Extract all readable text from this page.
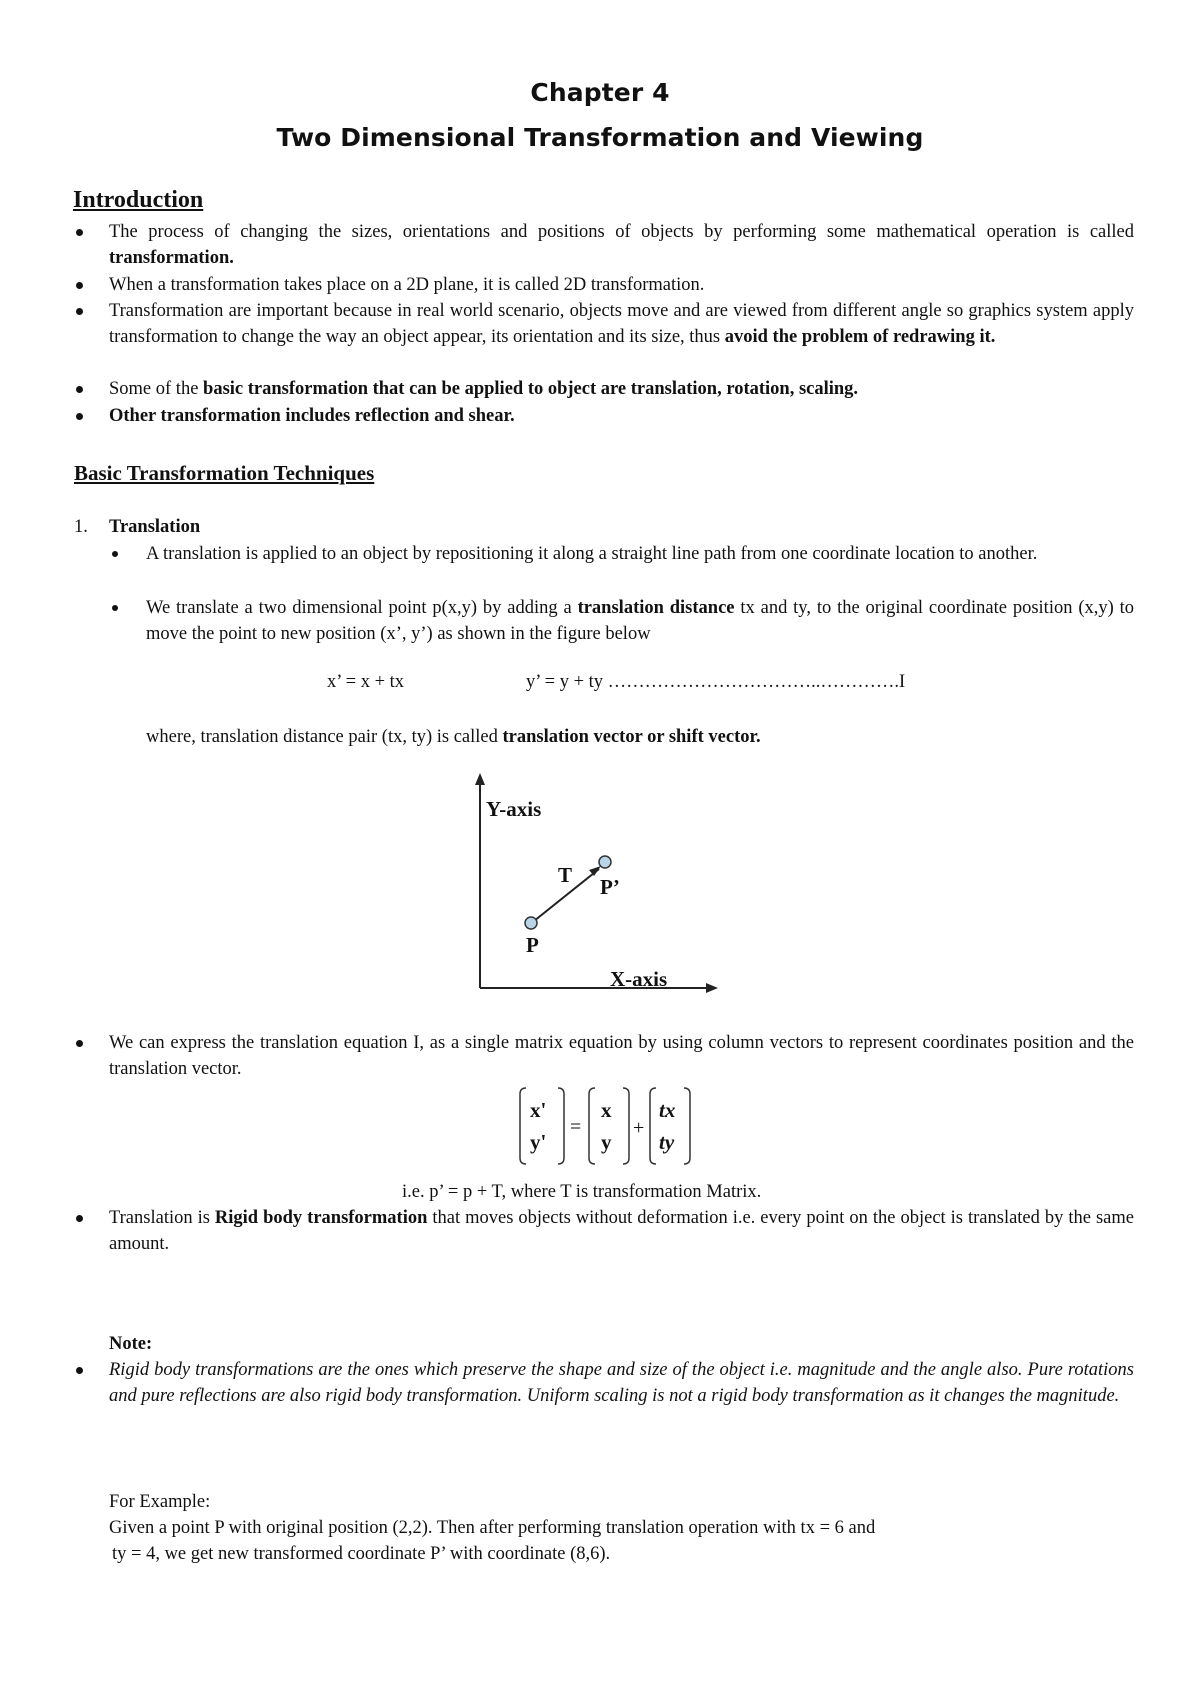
Chapter 4
Two Dimensional Transformation and Viewing
Introduction
The process of changing the sizes, orientations and positions of objects by performing some mathematical operation is called transformation.
When a transformation takes place on a 2D plane, it is called 2D transformation.
Transformation are important because in real world scenario, objects move and are viewed from different angle so graphics system apply transformation to change the way an object appear, its orientation and its size, thus avoid the problem of redrawing it.
Some of the basic transformation that can be applied to object are translation, rotation, scaling.
Other transformation includes reflection and shear.
Basic Transformation Techniques
1. Translation
A translation is applied to an object by repositioning it along a straight line path from one coordinate location to another.
We translate a two dimensional point p(x,y) by adding a translation distance tx and ty, to the original coordinate position (x,y) to move the point to new position (x’, y’) as shown in the figure below
x’ = x + tx	y’ = y + ty ……………………………..………….I
where, translation distance pair (tx, ty) is called translation vector or shift vector.
Y-axis
X-axis
P
P’
T
We can express the translation equation I, as a single matrix equation by using column vectors to represent coordinates position and the translation vector.
x'
y'
x
y
tx
ty
=	+
i.e. p’ = p + T, where T is transformation Matrix.
Translation is Rigid body transformation that moves objects without deformation i.e. every point on the object is translated by the same amount.
Note:
Rigid body transformations are the ones which preserve the shape and size of the object i.e. magnitude and the angle also. Pure rotations and pure reflections are also rigid body transformation. Uniform scaling is not a rigid body transformation as it changes the magnitude.
For Example:
Given a point P with original position (2,2). Then after performing translation operation with tx = 6 and
ty = 4, we get new transformed coordinate P’ with coordinate (8,6).
